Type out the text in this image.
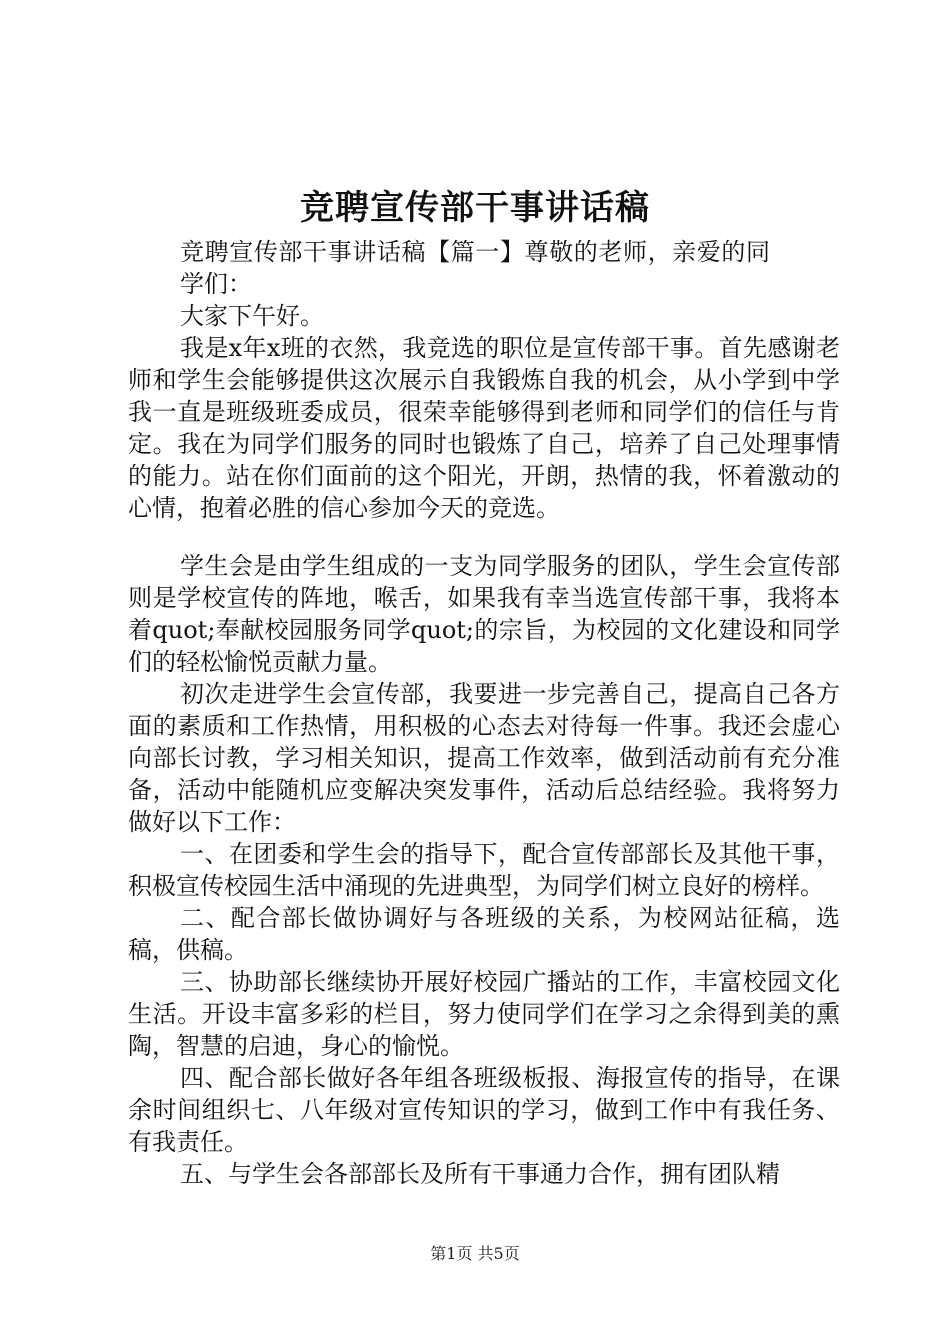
竞聘宣传部干事讲话稿

竞聘宣传部干事讲话稿【篇一】尊敬的老师，亲爱的同学们：

大家下午好。

我是x年x班的衣然，我竞选的职位是宣传部干事。首先感谢老师和学生会能够提供这次展示自我锻炼自我的机会，从小学到中学我一直是班级班委成员，很荣幸能够得到老师和同学们的信任与肯定。我在为同学们服务的同时也锻炼了自己，培养了自己处理事情的能力。站在你们面前的这个阳光，开朗，热情的我，怀着激动的心情，抱着必胜的信心参加今天的竞选。

学生会是由学生组成的一支为同学服务的团队，学生会宣传部则是学校宣传的阵地，喉舌，如果我有幸当选宣传部干事，我将本着quot;奉献校园服务同学quot;的宗旨，为校园的文化建设和同学们的轻松愉悦贡献力量。

初次走进学生会宣传部，我要进一步完善自己，提高自己各方面的素质和工作热情，用积极的心态去对待每一件事。我还会虚心向部长讨教，学习相关知识，提高工作效率，做到活动前有充分准备，活动中能随机应变解决突发事件，活动后总结经验。我将努力做好以下工作：

一、在团委和学生会的指导下，配合宣传部部长及其他干事，积极宣传校园生活中涌现的先进典型，为同学们树立良好的榜样。

二、配合部长做协调好与各班级的关系，为校网站征稿，选稿，供稿。

三、协助部长继续协开展好校园广播站的工作，丰富校园文化生活。开设丰富多彩的栏目，努力使同学们在学习之余得到美的熏陶，智慧的启迪，身心的愉悦。

四、配合部长做好各年组各班级板报、海报宣传的指导，在课余时间组织七、八年级对宣传知识的学习，做到工作中有我任务、有我责任。

五、与学生会各部部长及所有干事通力合作，拥有团队精

第1页 共5页
